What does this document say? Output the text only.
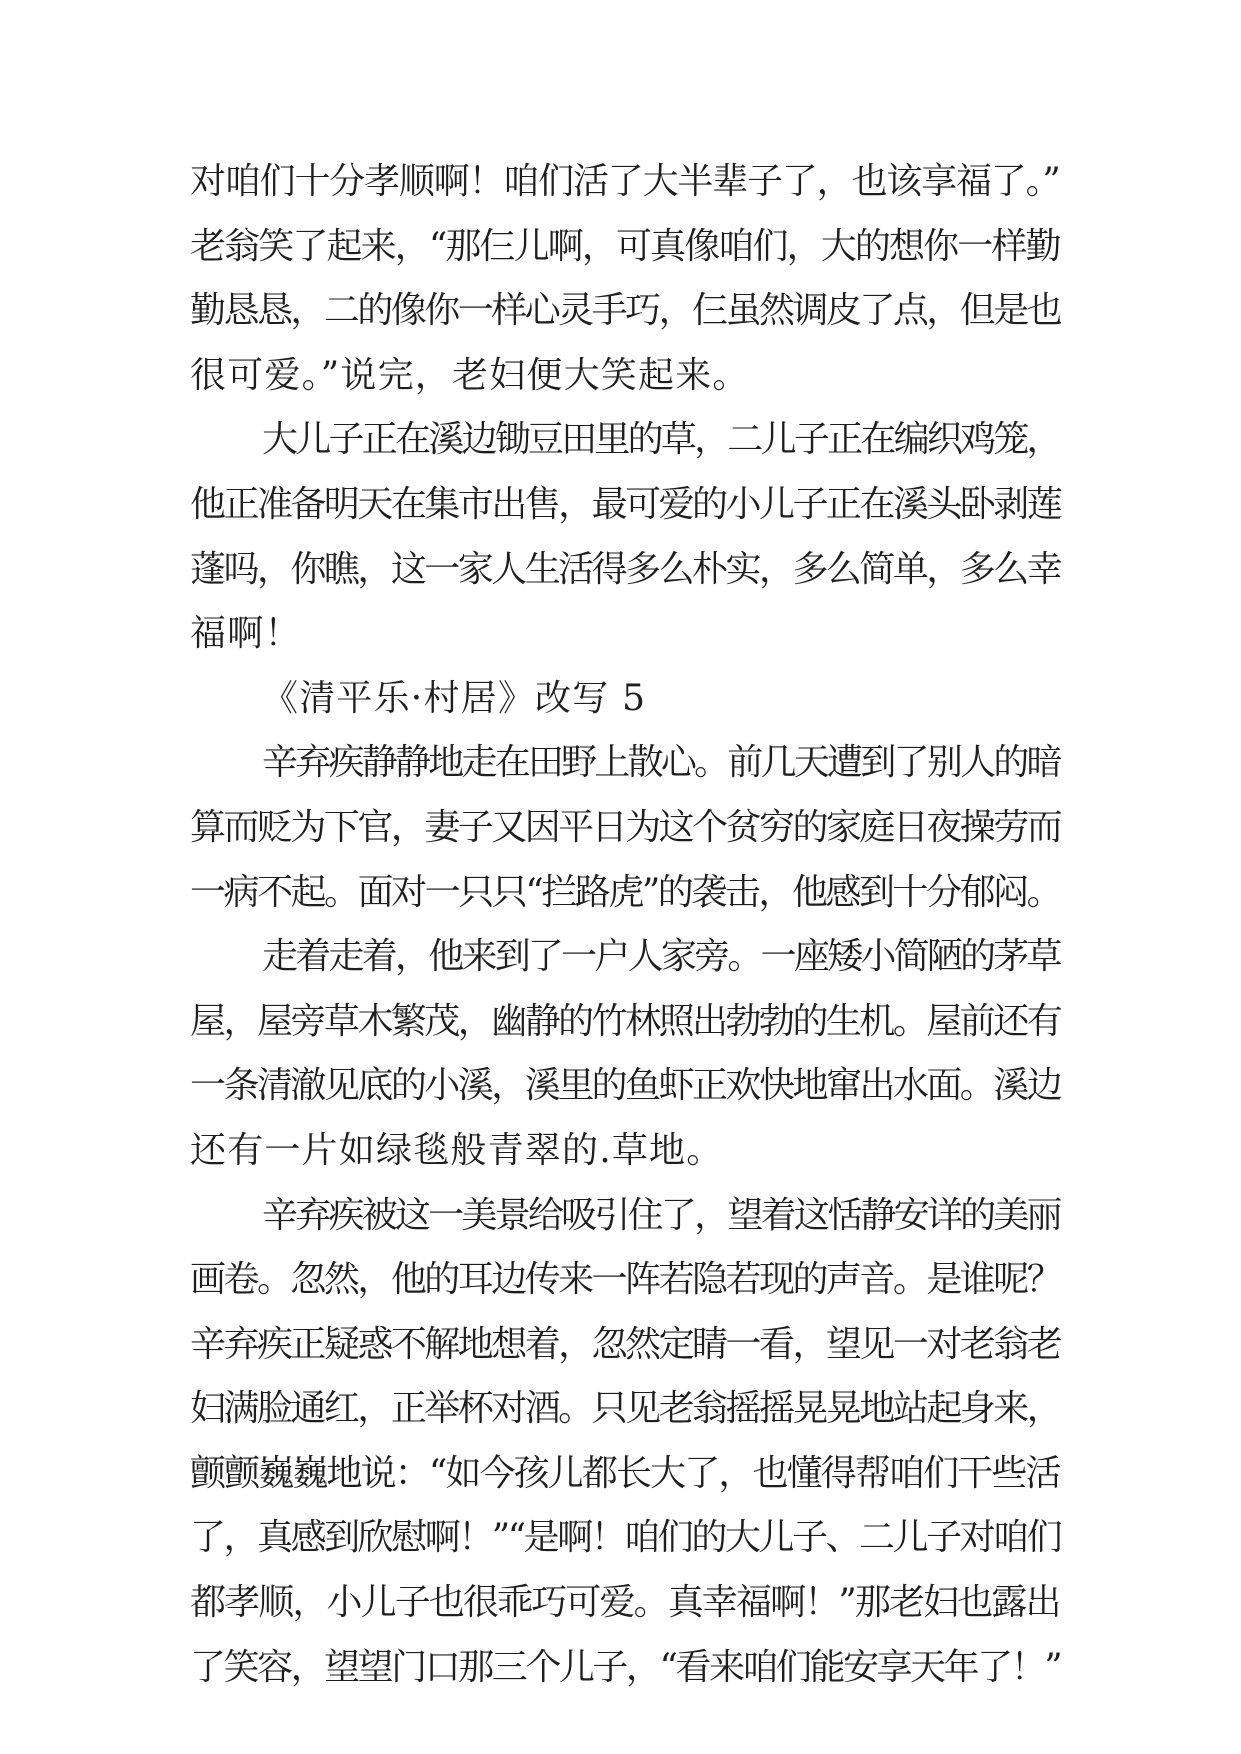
对咱们十分孝顺啊！咱们活了大半辈子了，也该享福了。”
老翁笑了起来，“那仨儿啊，可真像咱们，大的想你一样勤
勤恳恳，二的像你一样心灵手巧，仨虽然调皮了点，但是也
很可爱。”说完，老妇便大笑起来。
大儿子正在溪边锄豆田里的草，二儿子正在编织鸡笼，
他正准备明天在集市出售，最可爱的小儿子正在溪头卧剥莲
蓬吗，你瞧，这一家人生活得多么朴实，多么简单，多么幸
福啊！
《清平乐·村居》改写 5
辛弃疾静静地走在田野上散心。前几天遭到了别人的暗
算而贬为下官，妻子又因平日为这个贫穷的家庭日夜操劳而
一病不起。面对一只只“拦路虎”的袭击，他感到十分郁闷。
走着走着，他来到了一户人家旁。一座矮小简陋的茅草
屋，屋旁草木繁茂，幽静的竹林照出勃勃的生机。屋前还有
一条清澈见底的小溪，溪里的鱼虾正欢快地窜出水面。溪边
还有一片如绿毯般青翠的.草地。
辛弃疾被这一美景给吸引住了，望着这恬静安详的美丽
画卷。忽然，他的耳边传来一阵若隐若现的声音。是谁呢？
辛弃疾正疑惑不解地想着，忽然定睛一看，望见一对老翁老
妇满脸通红，正举杯对酒。只见老翁摇摇晃晃地站起身来，
颤颤巍巍地说：“如今孩儿都长大了，也懂得帮咱们干些活
了，真感到欣慰啊！”“是啊！咱们的大儿子、二儿子对咱们
都孝顺，小儿子也很乖巧可爱。真幸福啊！”那老妇也露出
了笑容，望望门口那三个儿子，“看来咱们能安享天年了！”
